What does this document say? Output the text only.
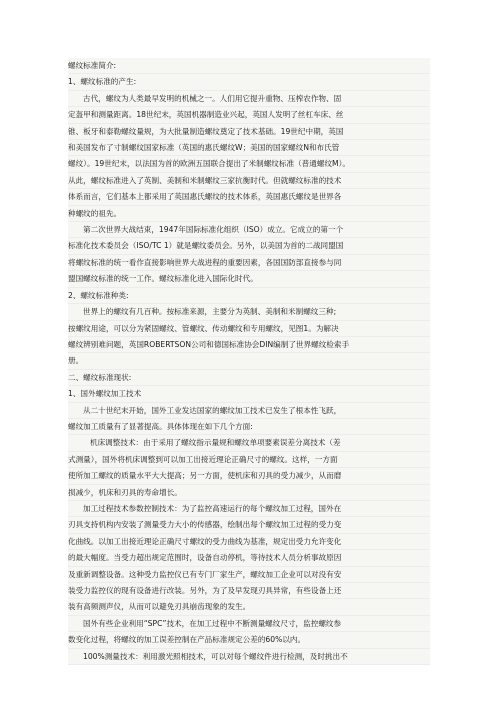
螺纹标准简介:
1、螺纹标准的产生:
古代，螺纹为人类最早发明的机械之一。人们用它提升重物、压榨农作物、固
定盔甲和测量距离。18世纪末，英国机器制造业兴起，英国人发明了丝杠车床、丝
锥、板牙和泰勒螺纹量规，为大批量制造螺纹奠定了技术基础。19世纪中期，英国
和美国发布了寸制螺纹国家标准（英国的惠氏螺纹W；美国的国家螺纹N和布氏管
螺纹）。19世纪末，以法国为首的欧洲五国联合提出了米制螺纹标准（普通螺纹M）。
从此，螺纹标准进入了英制、美制和米制螺纹三家抗衡时代。但就螺纹标准的技术
体系而言，它们基本上都采用了英国惠氏螺纹的技术体系，英国惠氏螺纹是世界各
种螺纹的祖先。
第二次世界大战结束，1947年国际标准化组织（ISO）成立。它成立的第一个
标准化技术委员会（ISO/TC 1）就是螺纹委员会。另外，以美国为首的二战同盟国
将螺纹标准的统一看作直接影响世界大战进程的重要因素，各国国防部直接参与同
盟国螺纹标准的统一工作。螺纹标准化进入国际化时代。
2、螺纹标准种类:
世界上的螺纹有几百种。按标准来源，主要分为英制、美制和米制螺纹三种;
按螺纹用途，可以分为紧固螺纹、管螺纹、传动螺纹和专用螺纹，见图1。为解决
螺纹辨别难问题，英国ROBERTSON公司和德国标准协会DIN编制了世界螺纹检索手
册。
二、螺纹标准现状:
1、国外螺纹加工技术
从二十世纪末开始，国外工业发达国家的螺纹加工技术已发生了根本性飞跃，
螺纹加工质量有了显著提高。具体体现在如下几个方面:
机床调整技术：由于采用了螺纹指示量规和螺纹单项要素误差分离技术（差
式测量），国外将机床调整到可以加工出接近理论正确尺寸的螺纹。这样，一方面
使所加工螺纹的质量水平大大提高；另一方面，使机床和刃具的受力减少，从而磨
损减少，机床和刃具的寿命增长。
加工过程技术参数控制技术：为了监控高速运行的每个螺纹加工过程，国外在
刃具支持机构内安装了测量受力大小的传感器，绘制出每个螺纹加工过程的受力变
化曲线。以加工出接近理论正确尺寸螺纹的受力曲线为基准，规定出受力允许变化
的最大幅度。当受力超出规定范围时，设备自动停机，等待技术人员分析事故原因
及重新调整设备。这种受力监控仪已有专门厂家生产，螺纹加工企业可以对没有安
装受力监控仪的现有设备进行改装。另外，为了及早发现刃具异常，有些设备上还
装有高频测声仪，从而可以避免刃具崩齿现象的发生。
国外有些企业利用“SPC”技术，在加工过程中不断测量螺纹尺寸，监控螺纹参
数变化过程，将螺纹的加工误差控制在产品标准规定公差的60%以内。
100%测量技术：利用激光照相技术，可以对每个螺纹件进行检测，及时挑出不
